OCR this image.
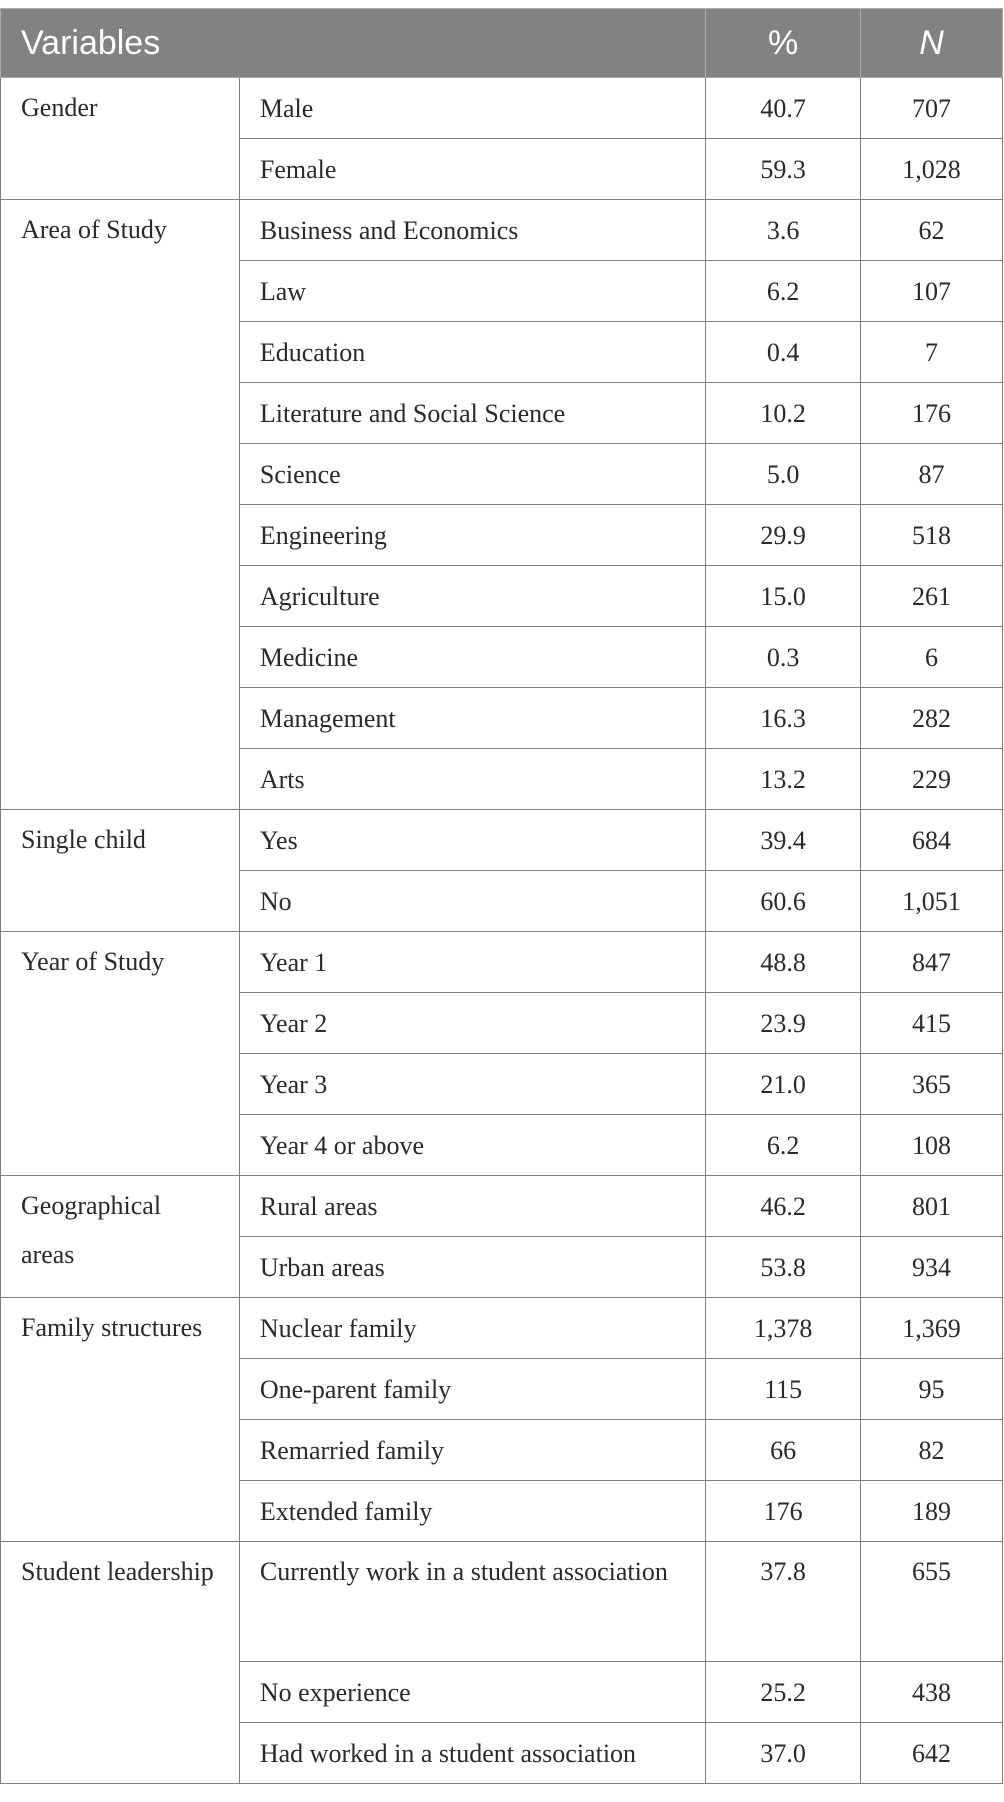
Variables		%	N
Gender	Male	40.7	707
	Female	59.3	1,028
Area of Study	Business and Economics	3.6	62
	Law	6.2	107
	Education	0.4	7
	Literature and Social Science	10.2	176
	Science	5.0	87
	Engineering	29.9	518
	Agriculture	15.0	261
	Medicine	0.3	6
	Management	16.3	282
	Arts	13.2	229
Single child	Yes	39.4	684
	No	60.6	1,051
Year of Study	Year 1	48.8	847
	Year 2	23.9	415
	Year 3	21.0	365
	Year 4 or above	6.2	108
Geographical areas	Rural areas	46.2	801
	Urban areas	53.8	934
Family structures	Nuclear family	1,378	1,369
	One-parent family	115	95
	Remarried family	66	82
	Extended family	176	189
Student leadership	Currently work in a student association	37.8	655
	No experience	25.2	438
	Had worked in a student association	37.0	642
